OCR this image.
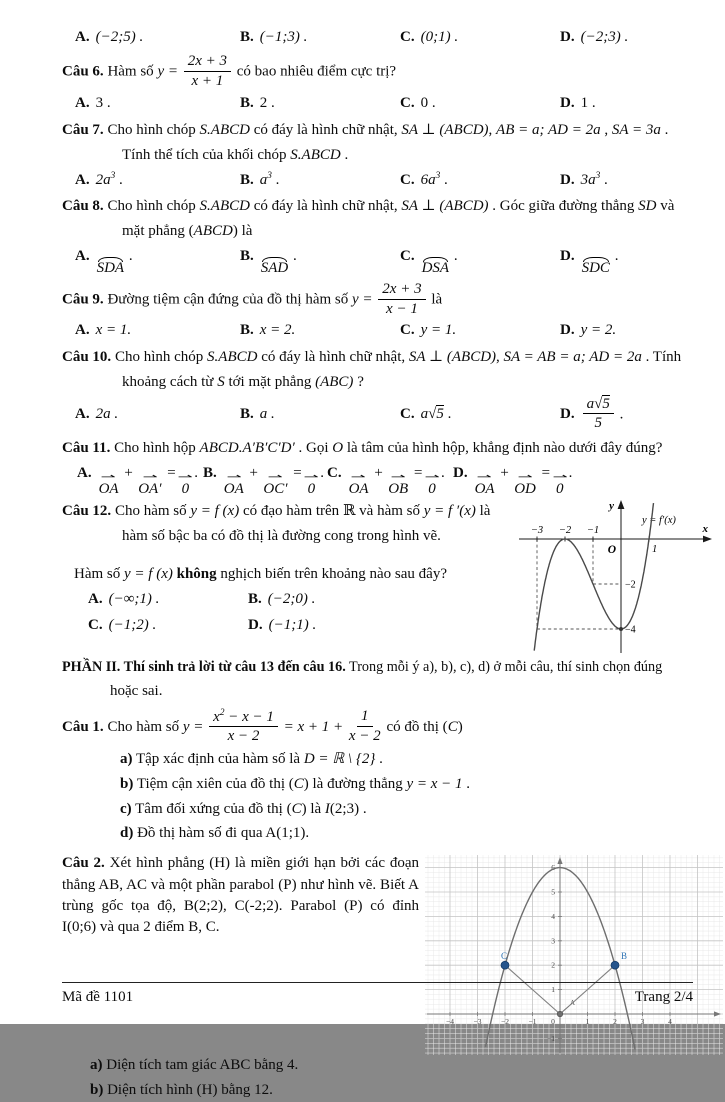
A. (−2;5) .	B. (−1;3) .	C. (0;1) .	D. (−2;3) .
Câu 6. Hàm số $y = \frac{2x + 3}{x + 1}$ có bao nhiêu điểm cực trị?
A. 3 .	B. 2 .	C. 0 .	D. 1 .
Câu 7. Cho hình chóp S.ABCD có đáy là hình chữ nhật, SA ⊥ (ABCD), AB = a; AD = 2a , SA = 3a .
Tính thể tích của khối chóp S.ABCD .
A. $2a^3$ .	B. $a^3$ .	C. $6a^3$ .	D. $3a^3$ .
Câu 8. Cho hình chóp S.ABCD có đáy là hình chữ nhật, SA ⊥ (ABCD) . Góc giữa đường thẳng SD và
mặt phẳng (ABCD) là
A.
SDA
.	B.
SAD
.	C.
DSA
.	D.
SDC
.
Câu 9. Đường tiệm cận đứng của đồ thị hàm số $y = \frac{2x + 3}{x - 1}$ là
A. x = 1.	B. x = 2.	C. y = 1.	D. y = 2.
Câu 10. Cho hình chóp S.ABCD có đáy là hình chữ nhật, SA ⊥ (ABCD), SA = AB = a; AD = 2a . Tính
khoảng cách từ S tới mặt phẳng (ABC) ?
A. 2a .	B. a .	C. a√5 .	D. $\frac{a√5}{5}$ .
Câu 11. Cho hình hộp ABCD.A′B′C′D′ . Gọi O là tâm của hình hộp, khẳng định nào dưới đây đúng?
A. ⇀
OA
+ ⇀
OA′
=
⇀
0
. B. ⇀
OA
+ ⇀
OC′
=
⇀
0
. C. ⇀
OA
+ ⇀
OB
=
⇀
0
. D. ⇀
OA
+ ⇀
OD
=
⇀
0
.
−3 −2 −1
1
O
x
y
y = f′(x)
−2
−4
Câu 12. Cho hàm số y = f (x) có đạo hàm trên ℝ và hàm số y = f ′(x) là
hàm số bậc ba có đồ thị là đường cong trong hình vẽ.
Hàm số y = f (x) không nghịch biến trên khoảng nào sau đây?
A. (−∞;1) .	B. (−2;0) .
C. (−1;2) .	D. (−1;1) .
PHẦN II. Thí sinh trả lời từ câu 13 đến câu 16. Trong mỗi ý a), b), c), d) ở mỗi câu, thí sinh chọn đúng
hoặc sai.
Câu 1. Cho hàm số $y = \frac{x^2 - x - 1}{x - 2} = x + 1 + \frac{1}{x - 2}$ có đồ thị (C)
a) Tập xác định của hàm số là D = ℝ \ {2} .
b) Tiệm cận xiên của đồ thị (C) là đường thẳng y = x − 1 .
c) Tâm đối xứng của đồ thị (C) là I(2;3) .
d) Đồ thị hàm số đi qua A(1;1).
−4	−3	−2	−1 0	1	2	3	4
−1
1
2
3
4
5
6
A
B
C
Câu 2. Xét hình phẳng (H) là miền giới hạn bởi các đoạn thẳng AB, AC và một phần parabol (P) như hình vẽ. Biết A trùng gốc tọa độ, B(2;2), C(-2;2). Parabol (P) có đỉnh I(0;6) và qua 2 điểm B, C.
a) Diện tích tam giác ABC bằng 4.
b) Diện tích hình (H) bằng 12.
Mã đề 1101	Trang 2/4
